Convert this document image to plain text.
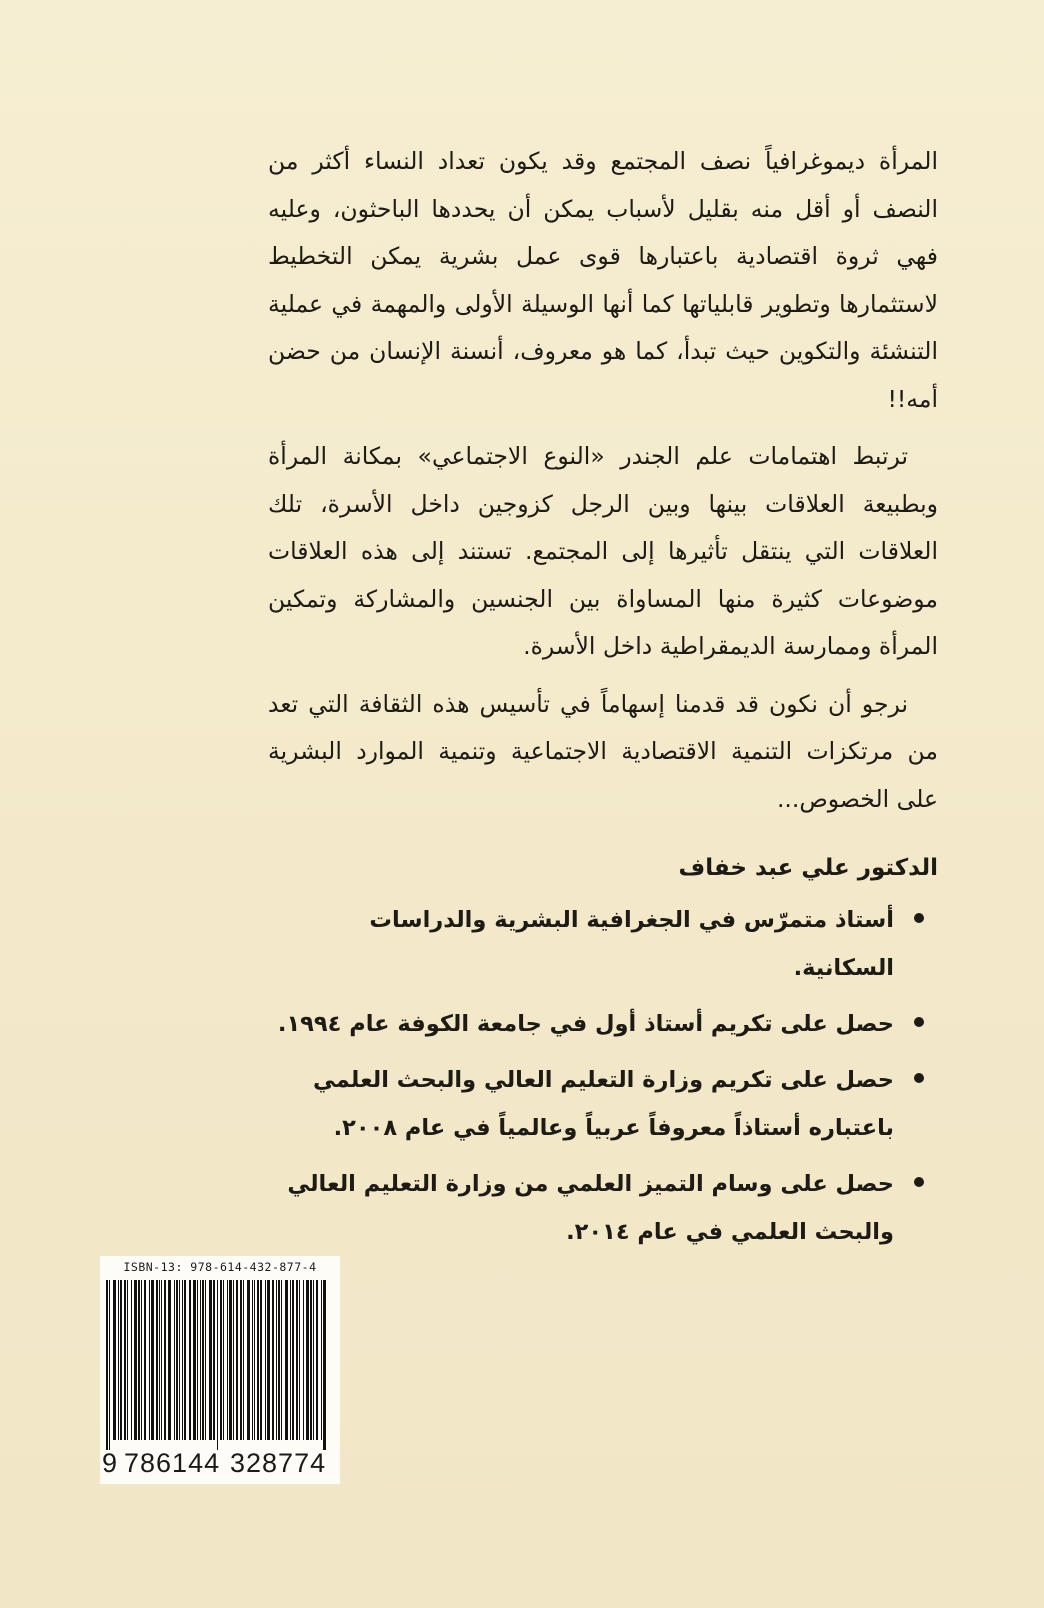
المرأة ديموغرافياً نصف المجتمع وقد يكون تعداد النساء أكثر من النصف أو أقل منه بقليل لأسباب يمكن أن يحددها الباحثون، وعليه فهي ثروة اقتصادية باعتبارها قوى عمل بشرية يمكن التخطيط لاستثمارها وتطوير قابلياتها كما أنها الوسيلة الأولى والمهمة في عملية التنشئة والتكوين حيث تبدأ، كما هو معروف، أنسنة الإنسان من حضن أمه!!

ترتبط اهتمامات علم الجندر «النوع الاجتماعي» بمكانة المرأة وبطبيعة العلاقات بينها وبين الرجل كزوجين داخل الأسرة، تلك العلاقات التي ينتقل تأثيرها إلى المجتمع. تستند إلى هذه العلاقات موضوعات كثيرة منها المساواة بين الجنسين والمشاركة وتمكين المرأة وممارسة الديمقراطية داخل الأسرة.

نرجو أن نكون قد قدمنا إسهاماً في تأسيس هذه الثقافة التي تعد من مرتكزات التنمية الاقتصادية الاجتماعية وتنمية الموارد البشرية على الخصوص...

الدكتور علي عبد خفاف
أستاذ متمرّس في الجغرافية البشرية والدراسات السكانية.
حصل على تكريم أستاذ أول في جامعة الكوفة عام ١٩٩٤.
حصل على تكريم وزارة التعليم العالي والبحث العلمي باعتباره أستاذاً معروفاً عربياً وعالمياً في عام ٢٠٠٨.
حصل على وسام التميز العلمي من وزارة التعليم العالي والبحث العلمي في عام ٢٠١٤.
ISBN-13: 978-614-432-877-4
9 786144 328774
